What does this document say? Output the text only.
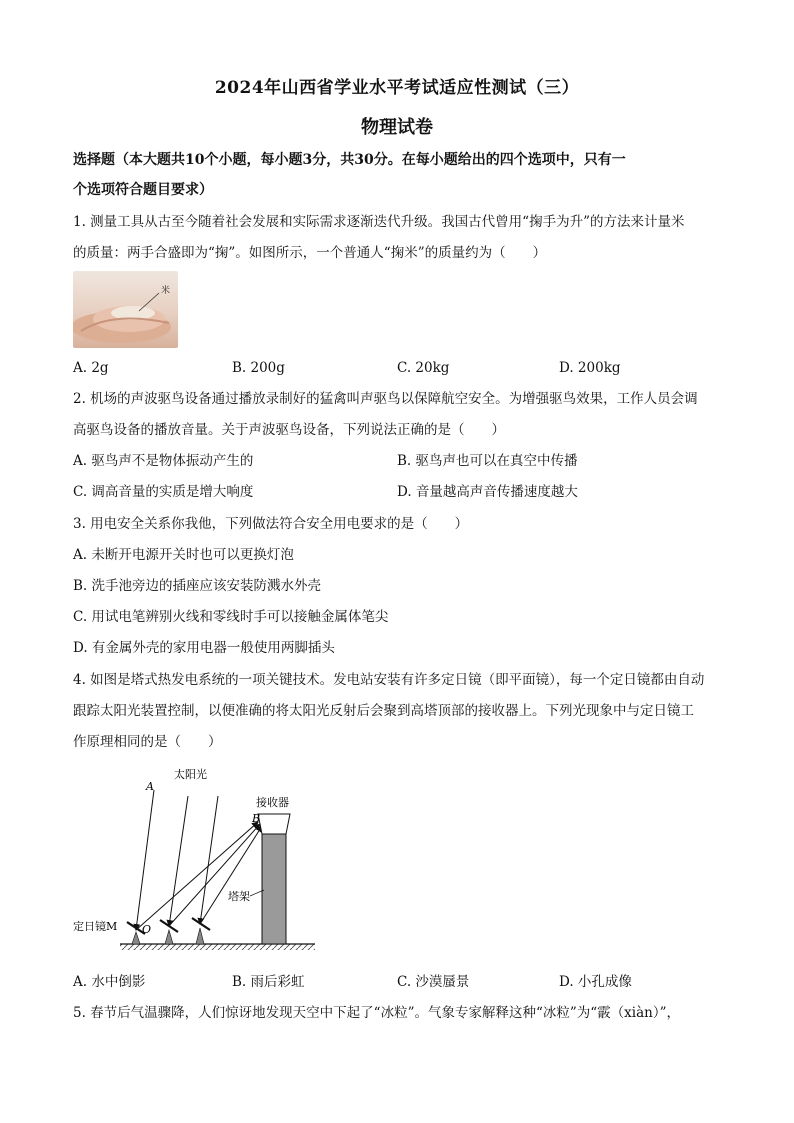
2024年山西省学业水平考试适应性测试（三）
物理试卷
选择题（本大题共10个小题，每小题3分，共30分。在每小题给出的四个选项中，只有一
个选项符合题目要求）
1. 测量工具从古至今随着社会发展和实际需求逐渐迭代升级。我国古代曾用“掬手为升”的方法来计量米
的质量：两手合盛即为“掬”。如图所示，一个普通人“掬米”的质量约为（　　）
米
A. 2g	B. 200g	C. 20kg	D. 200kg
2. 机场的声波驱鸟设备通过播放录制好的猛禽叫声驱鸟以保障航空安全。为增强驱鸟效果，工作人员会调
高驱鸟设备的播放音量。关于声波驱鸟设备，下列说法正确的是（　　）
A. 驱鸟声不是物体振动产生的	B. 驱鸟声也可以在真空中传播
C. 调高音量的实质是增大响度	D. 音量越高声音传播速度越大
3. 用电安全关系你我他，下列做法符合安全用电要求的是（　　）
A. 未断开电源开关时也可以更换灯泡
B. 洗手池旁边的插座应该安装防溅水外壳
C. 用试电笔辨别火线和零线时手可以接触金属体笔尖
D. 有金属外壳的家用电器一般使用两脚插头
4. 如图是塔式热发电系统的一项关键技术。发电站安装有许多定日镜（即平面镜），每一个定日镜都由自动
跟踪太阳光装置控制，以便准确的将太阳光反射后会聚到高塔顶部的接收器上。下列光现象中与定日镜工
作原理相同的是（　　）
A
太阳光
接收器
B
塔架
定日镜M O
A. 水中倒影	B. 雨后彩虹	C. 沙漠蜃景	D. 小孔成像
5. 春节后气温骤降，人们惊讶地发现天空中下起了“冰粒”。气象专家解释这种“冰粒”为“霰（xiàn）”，
